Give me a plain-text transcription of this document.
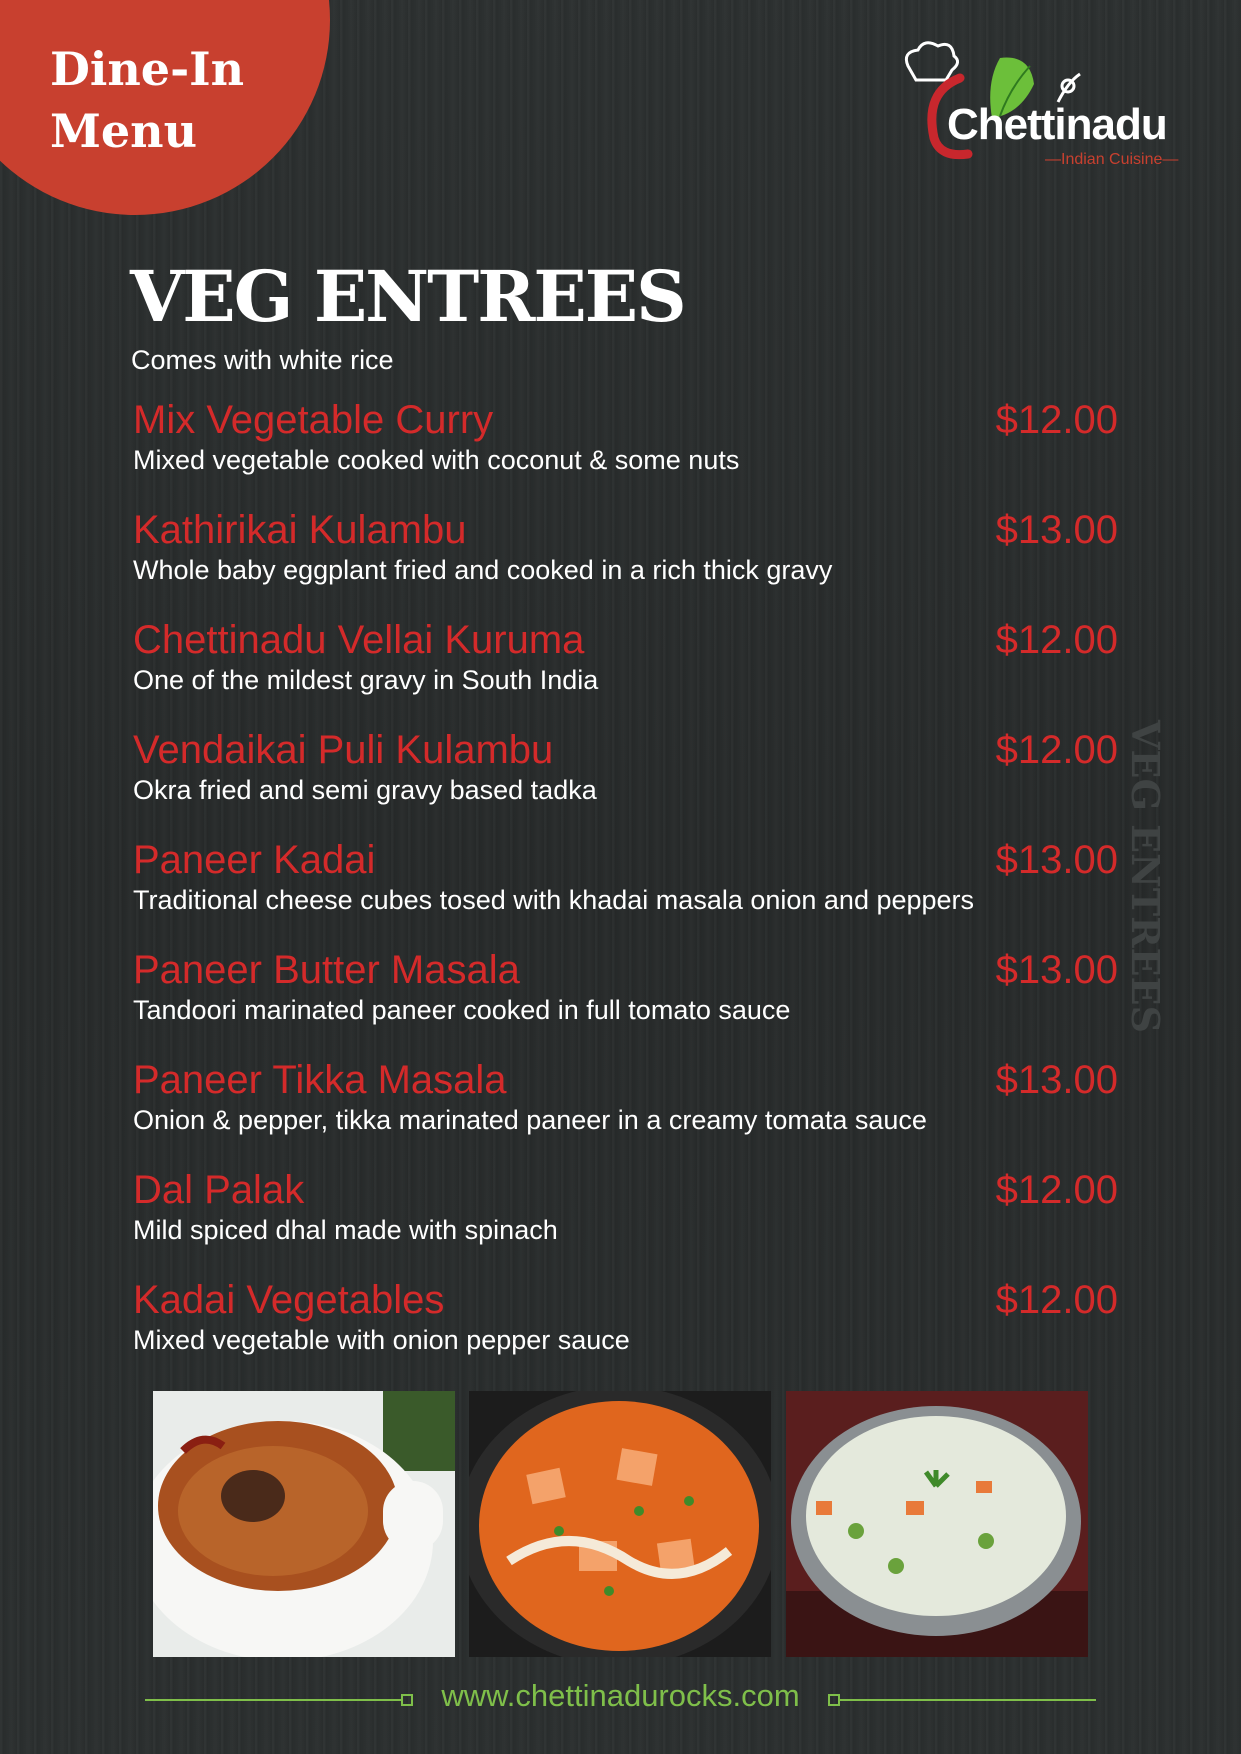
Dine-In
Menu	Chettinadu
—Indian Cuisine—
VEG ENTREES
Comes with white rice
VEG ENTREES
Mix Vegetable Curry	$12.00
Mixed vegetable cooked with coconut & some nuts
Kathirikai Kulambu	$13.00
Whole baby eggplant fried and cooked in a rich thick gravy
Chettinadu Vellai Kuruma	$12.00
One of the mildest gravy in South India
Vendaikai Puli Kulambu	$12.00
Okra fried and semi gravy based tadka
Paneer Kadai	$13.00
Traditional cheese cubes tosed with khadai masala onion and peppers
Paneer Butter Masala	$13.00
Tandoori marinated paneer cooked in full tomato sauce
Paneer Tikka Masala	$13.00
Onion & pepper, tikka marinated paneer in a creamy tomata sauce
Dal Palak	$12.00
Mild spiced dhal made with spinach
Kadai Vegetables	$12.00
Mixed vegetable with onion pepper sauce
www.chettinadurocks.com
